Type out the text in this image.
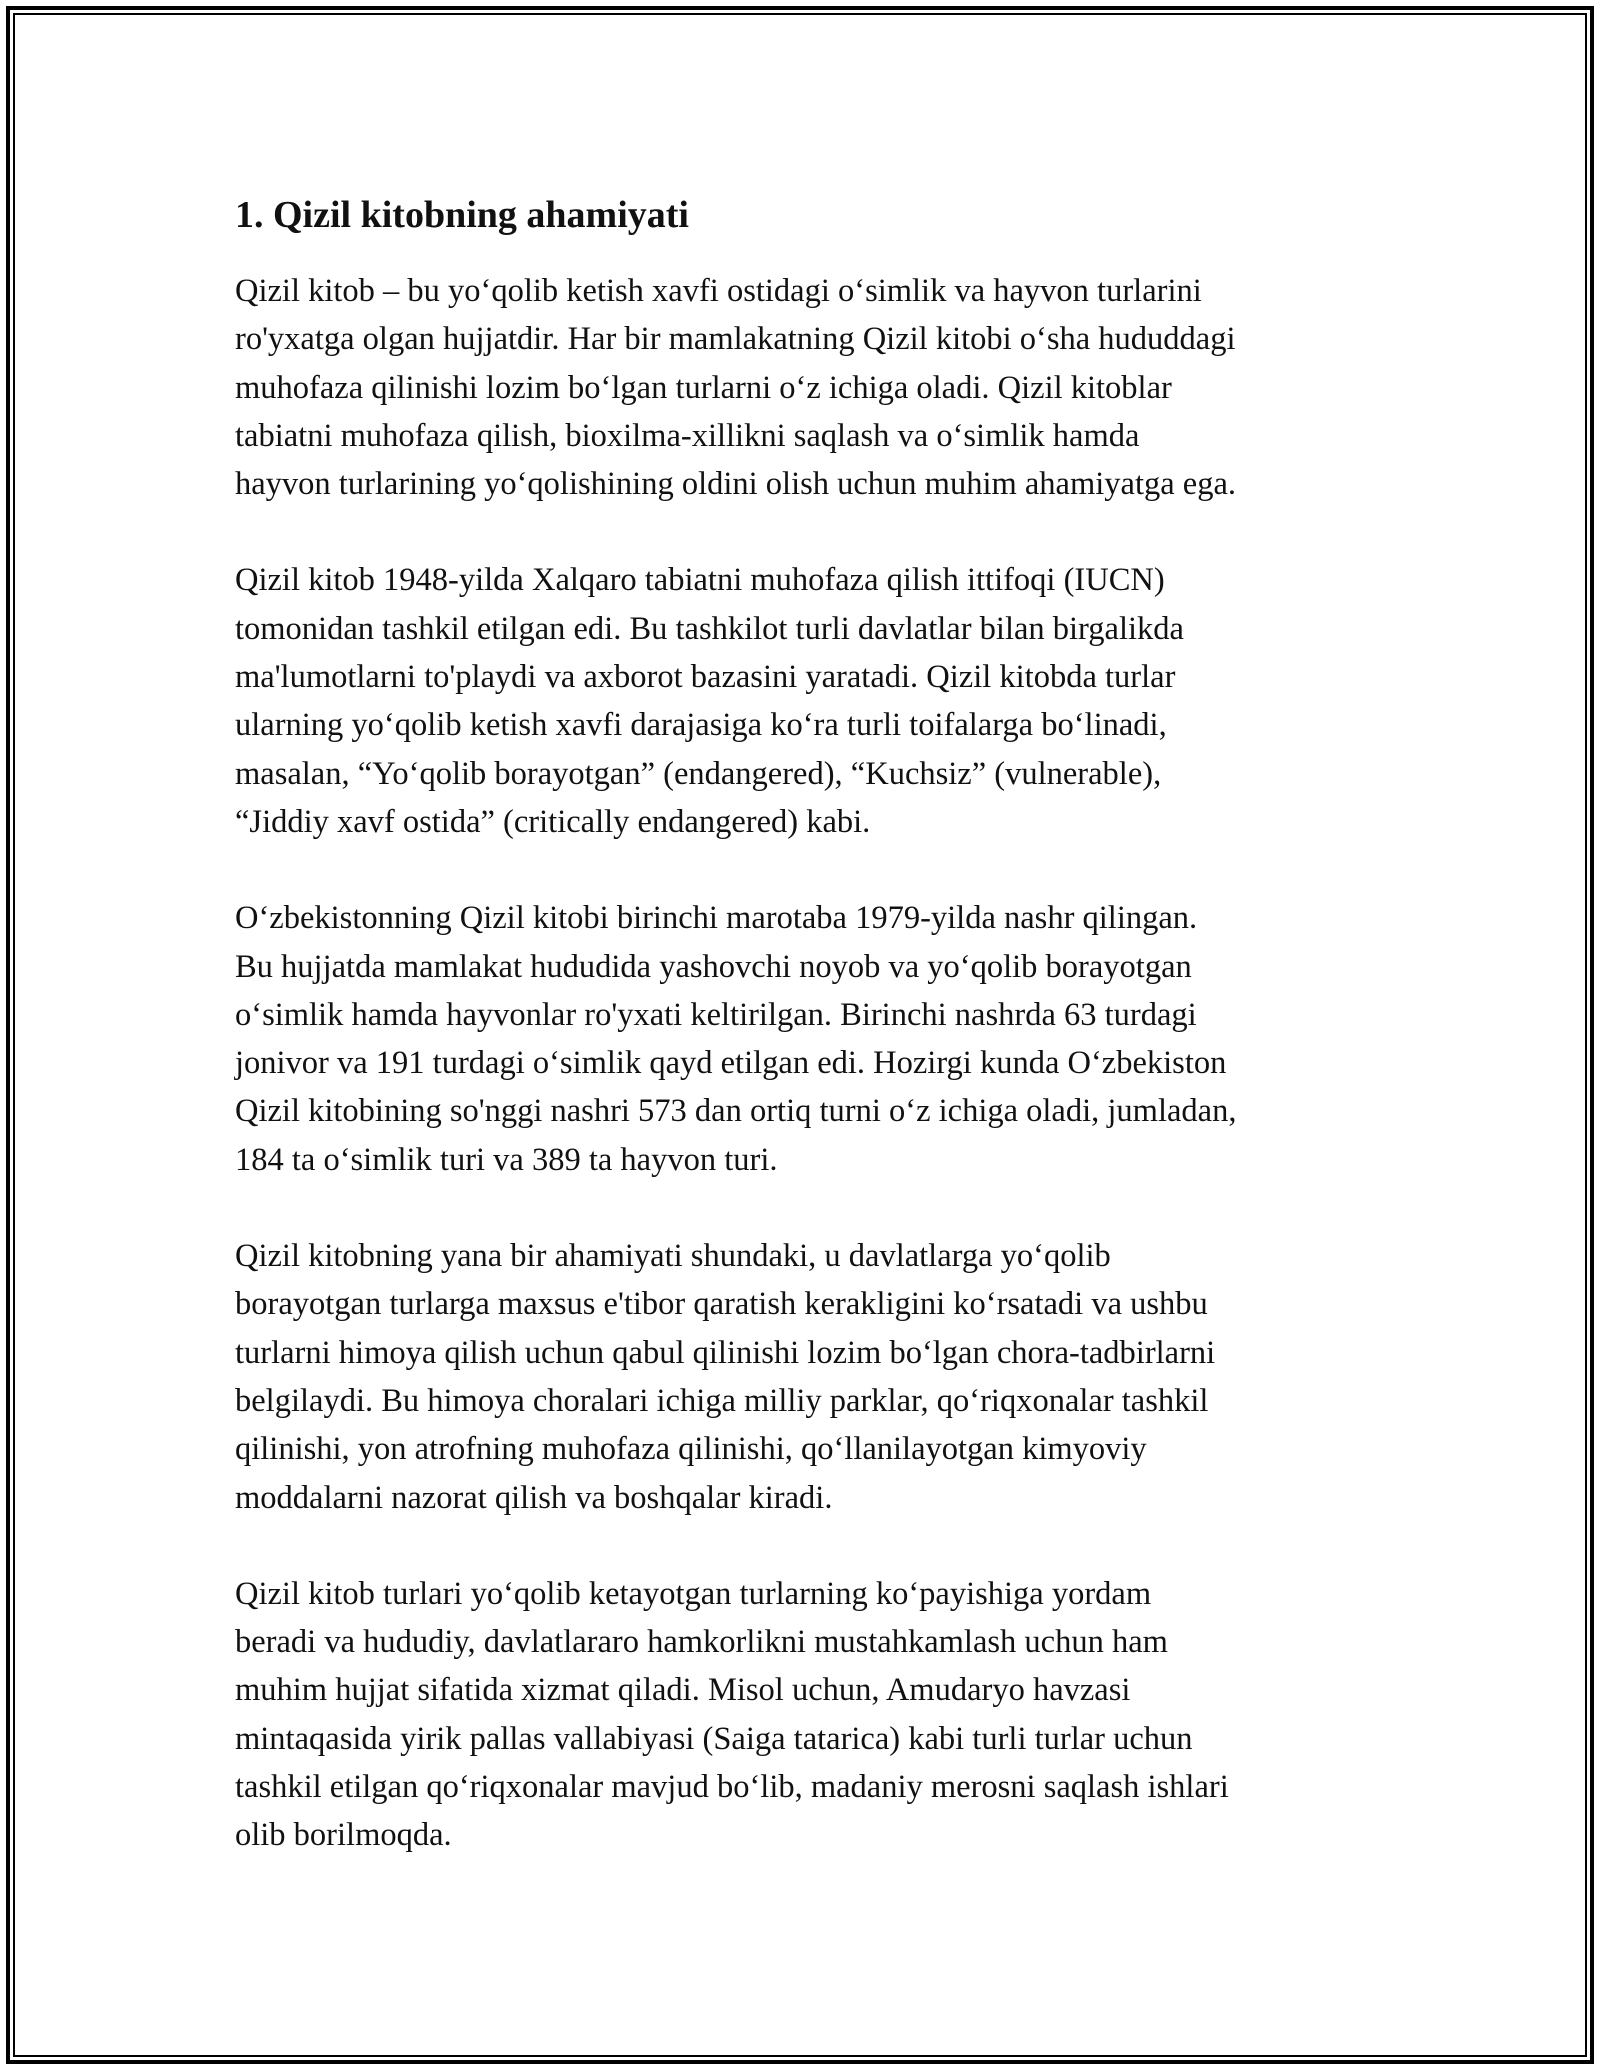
1. Qizil kitobning ahamiyati

Qizil kitob – bu yo‘qolib ketish xavfi ostidagi o‘simlik va hayvon turlarini
ro'yxatga olgan hujjatdir. Har bir mamlakatning Qizil kitobi o‘sha hududdagi
muhofaza qilinishi lozim bo‘lgan turlarni o‘z ichiga oladi. Qizil kitoblar
tabiatni muhofaza qilish, bioxilma-xillikni saqlash va o‘simlik hamda
hayvon turlarining yo‘qolishining oldini olish uchun muhim ahamiyatga ega.

Qizil kitob 1948-yilda Xalqaro tabiatni muhofaza qilish ittifoqi (IUCN)
tomonidan tashkil etilgan edi. Bu tashkilot turli davlatlar bilan birgalikda
ma'lumotlarni to'playdi va axborot bazasini yaratadi. Qizil kitobda turlar
ularning yo‘qolib ketish xavfi darajasiga ko‘ra turli toifalarga bo‘linadi,
masalan, “Yo‘qolib borayotgan” (endangered), “Kuchsiz” (vulnerable),
“Jiddiy xavf ostida” (critically endangered) kabi.

O‘zbekistonning Qizil kitobi birinchi marotaba 1979-yilda nashr qilingan.
Bu hujjatda mamlakat hududida yashovchi noyob va yo‘qolib borayotgan
o‘simlik hamda hayvonlar ro'yxati keltirilgan. Birinchi nashrda 63 turdagi
jonivor va 191 turdagi o‘simlik qayd etilgan edi. Hozirgi kunda O‘zbekiston
Qizil kitobining so'nggi nashri 573 dan ortiq turni o‘z ichiga oladi, jumladan,
184 ta o‘simlik turi va 389 ta hayvon turi.

Qizil kitobning yana bir ahamiyati shundaki, u davlatlarga yo‘qolib
borayotgan turlarga maxsus e'tibor qaratish kerakligini ko‘rsatadi va ushbu
turlarni himoya qilish uchun qabul qilinishi lozim bo‘lgan chora-tadbirlarni
belgilaydi. Bu himoya choralari ichiga milliy parklar, qo‘riqxonalar tashkil
qilinishi, yon atrofning muhofaza qilinishi, qo‘llanilayotgan kimyoviy
moddalarni nazorat qilish va boshqalar kiradi.

Qizil kitob turlari yo‘qolib ketayotgan turlarning ko‘payishiga yordam
beradi va hududiy, davlatlararo hamkorlikni mustahkamlash uchun ham
muhim hujjat sifatida xizmat qiladi. Misol uchun, Amudaryo havzasi
mintaqasida yirik pallas vallabiyasi (Saiga tatarica) kabi turli turlar uchun
tashkil etilgan qo‘riqxonalar mavjud bo‘lib, madaniy merosni saqlash ishlari
olib borilmoqda.
